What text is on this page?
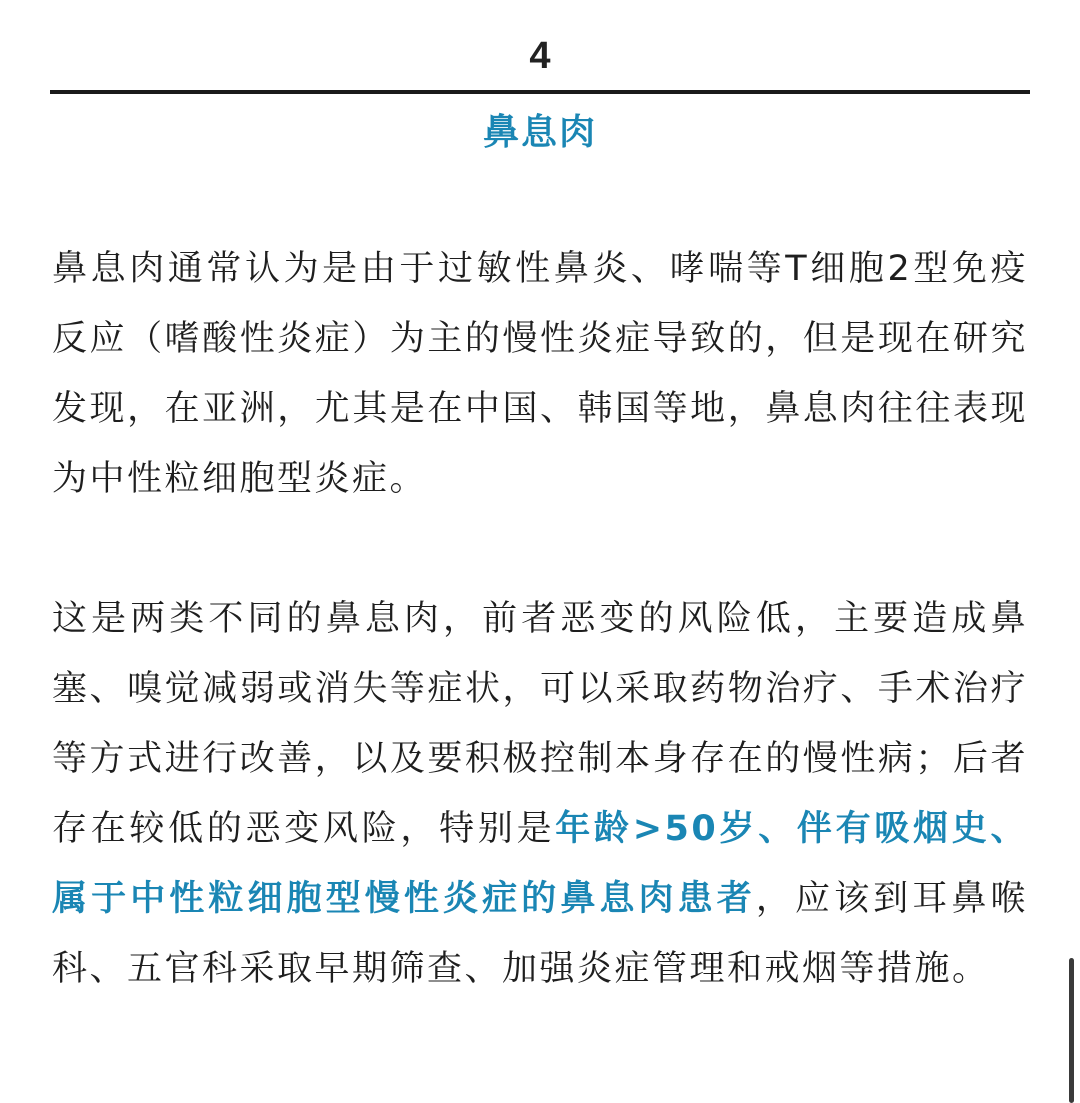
4
鼻息肉

鼻息肉通常认为是由于过敏性鼻炎、哮喘等T细胞2型免疫反应（嗜酸性炎症）为主的慢性炎症导致的，但是现在研究发现，在亚洲，尤其是在中国、韩国等地，鼻息肉往往表现为中性粒细胞型炎症。

这是两类不同的鼻息肉，前者恶变的风险低，主要造成鼻塞、嗅觉减弱或消失等症状，可以采取药物治疗、手术治疗等方式进行改善，以及要积极控制本身存在的慢性病；后者存在较低的恶变风险，特别是年龄>50岁、伴有吸烟史、属于中性粒细胞型慢性炎症的鼻息肉患者，应该到耳鼻喉科、五官科采取早期筛查、加强炎症管理和戒烟等措施。
